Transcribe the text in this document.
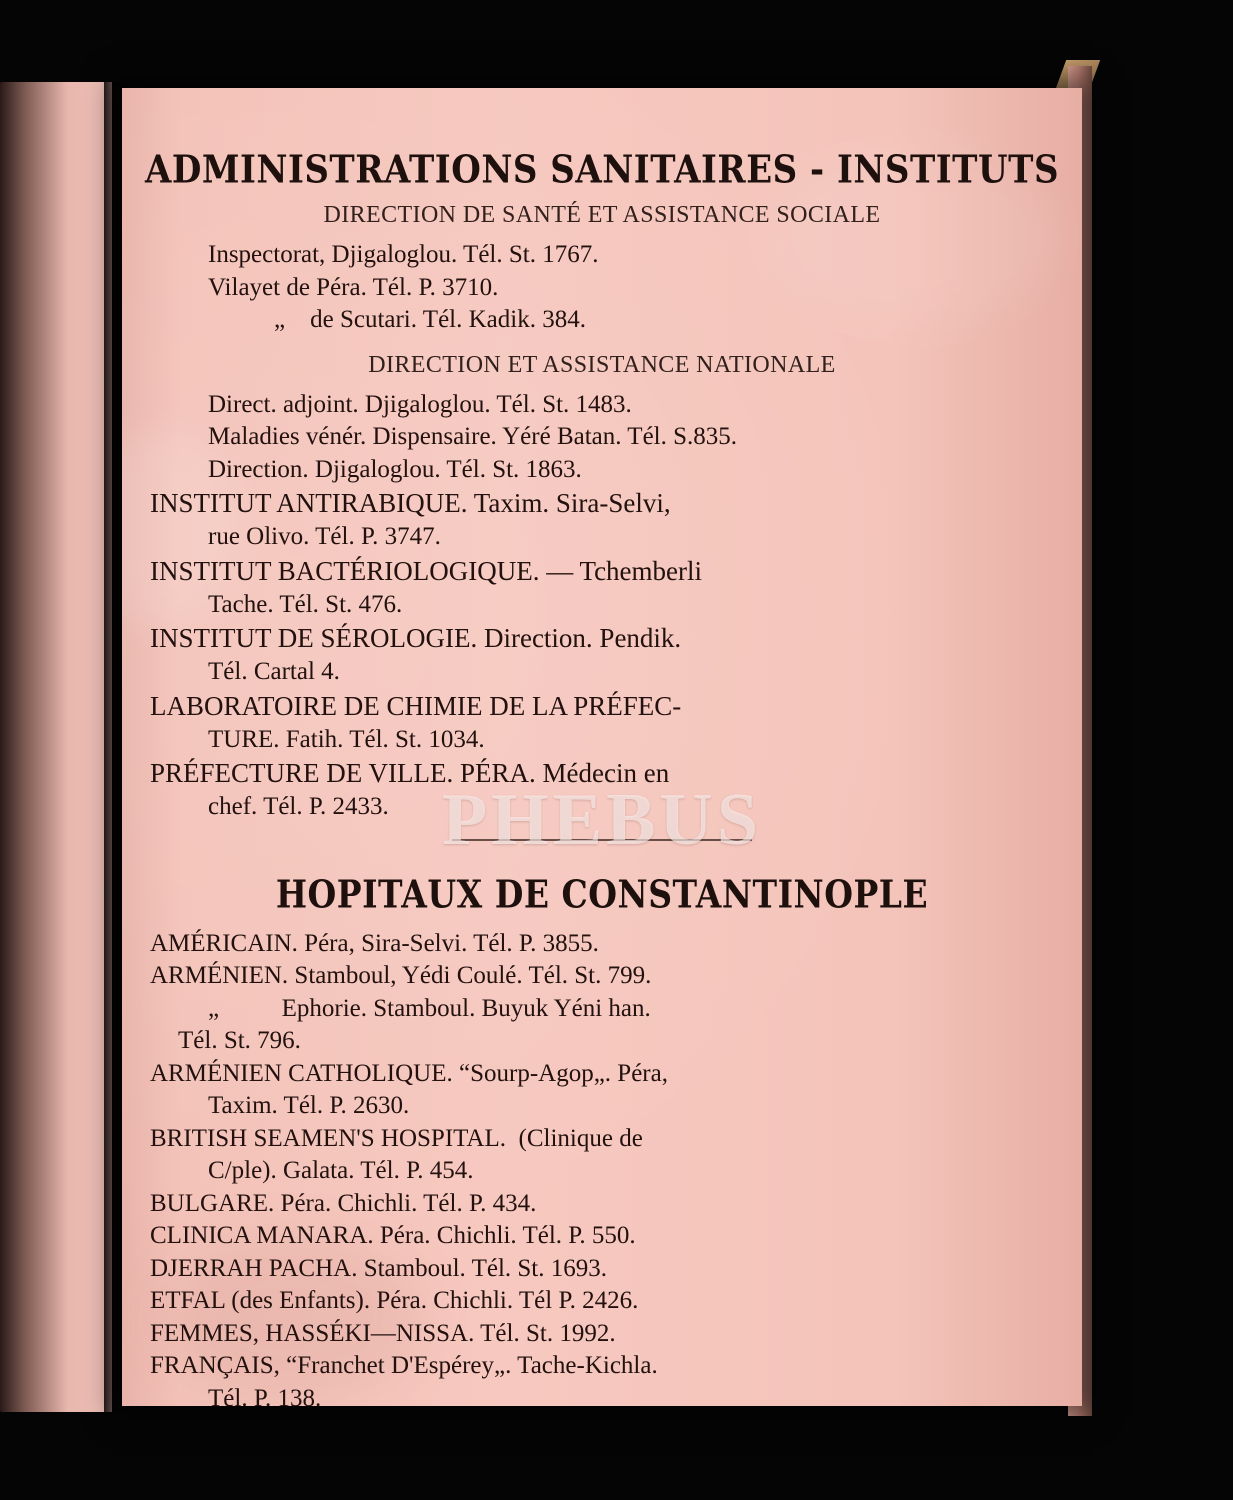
ADMINISTRATIONS SANITAIRES - INSTITUTS
DIRECTION DE SANTÉ ET ASSISTANCE SOCIALE
Inspectorat, Djigaloglou. Tél. St. 1767.
Vilayet de Péra. Tél. P. 3710.
„    de Scutari. Tél. Kadik. 384.
DIRECTION ET ASSISTANCE NATIONALE
Direct. adjoint. Djigaloglou. Tél. St. 1483.
Maladies vénér. Dispensaire. Yéré Batan. Tél. S.835.
Direction. Djigaloglou. Tél. St. 1863.
INSTITUT ANTIRABIQUE. Taxim. Sira-Selvi,
rue Olivo. Tél. P. 3747.
INSTITUT BACTÉRIOLOGIQUE. — Tchemberli
Tache. Tél. St. 476.
INSTITUT DE SÉROLOGIE. Direction. Pendik.
Tél. Cartal 4.
LABORATOIRE DE CHIMIE DE LA PRÉFEC-
TURE. Fatih. Tél. St. 1034.
PRÉFECTURE DE VILLE. PÉRA. Médecin en
chef. Tél. P. 2433.
HOPITAUX DE CONSTANTINOPLE
AMÉRICAIN. Péra, Sira-Selvi. Tél. P. 3855.
ARMÉNIEN. Stamboul, Yédi Coulé. Tél. St. 799.
„          Ephorie. Stamboul. Buyuk Yéni han.
Tél. St. 796.
ARMÉNIEN CATHOLIQUE. “Sourp-Agop„. Péra,
Taxim. Tél. P. 2630.
BRITISH SEAMEN'S HOSPITAL.  (Clinique de
C/ple). Galata. Tél. P. 454.
BULGARE. Péra. Chichli. Tél. P. 434.
CLINICA MANARA. Péra. Chichli. Tél. P. 550.
DJERRAH PACHA. Stamboul. Tél. St. 1693.
ETFAL (des Enfants). Péra. Chichli. Tél P. 2426.
FEMMES, HASSÉKI—NISSA. Tél. St. 1992.
FRANÇAIS, “Franchet D'Espérey„. Tache-Kichla.
Tél. P. 138.
PHEBUS
